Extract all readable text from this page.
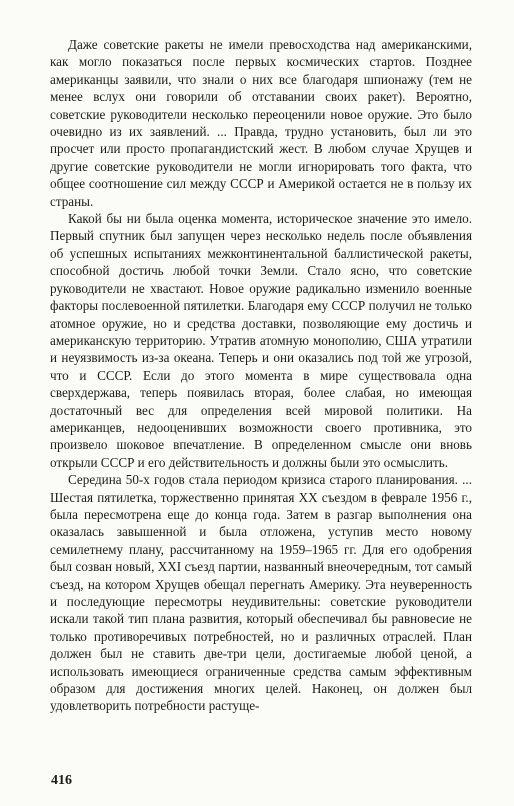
Даже советские ракеты не имели превосходства над американскими, как могло показаться после первых космических стартов. Позднее американцы заявили, что знали о них все благодаря шпионажу (тем не менее вслух они говорили об отставании своих ракет). Вероятно, советские руководители несколько переоценили новое оружие. Это было очевидно из их заявлений. ... Правда, трудно установить, был ли это просчет или просто пропагандистский жест. В любом случае Хрущев и другие советские руководители не могли игнорировать того факта, что общее соотношение сил между СССР и Америкой остается не в пользу их страны.

Какой бы ни была оценка момента, историческое значение это имело. Первый спутник был запущен через несколько недель после объявления об успешных испытаниях межконтинентальной баллистической ракеты, способной достичь любой точки Земли. Стало ясно, что советские руководители не хвастают. Новое оружие радикально изменило военные факторы послевоенной пятилетки. Благодаря ему СССР получил не только атомное оружие, но и средства доставки, позволяющие ему достичь и американскую территорию. Утратив атомную монополию, США утратили и неуязвимость из-за океана. Теперь и они оказались под той же угрозой, что и СССР. Если до этого момента в мире существовала одна сверхдержава, теперь появилась вторая, более слабая, но имеющая достаточный вес для определения всей мировой политики. На американцев, недооценивших возможности своего противника, это произвело шоковое впечатление. В определенном смысле они вновь открыли СССР и его действительность и должны были это осмыслить.

Середина 50-х годов стала периодом кризиса старого планирования. ... Шестая пятилетка, торжественно принятая XX съездом в феврале 1956 г., была пересмотрена еще до конца года. Затем в разгар выполнения она оказалась завышенной и была отложена, уступив место новому семилетнему плану, рассчитанному на 1959–1965 гг. Для его одобрения был созван новый, XXI съезд партии, названный внеочередным, тот самый съезд, на котором Хрущев обещал перегнать Америку. Эта неуверенность и последующие пересмотры неудивительны: советские руководители искали такой тип плана развития, который обеспечивал бы равновесие не только противоречивых потребностей, но и различных отраслей. План должен был не ставить две-три цели, достигаемые любой ценой, а использовать имеющиеся ограниченные средства самым эффективным образом для достижения многих целей. Наконец, он должен был удовлетворить потребности растуще-

416
